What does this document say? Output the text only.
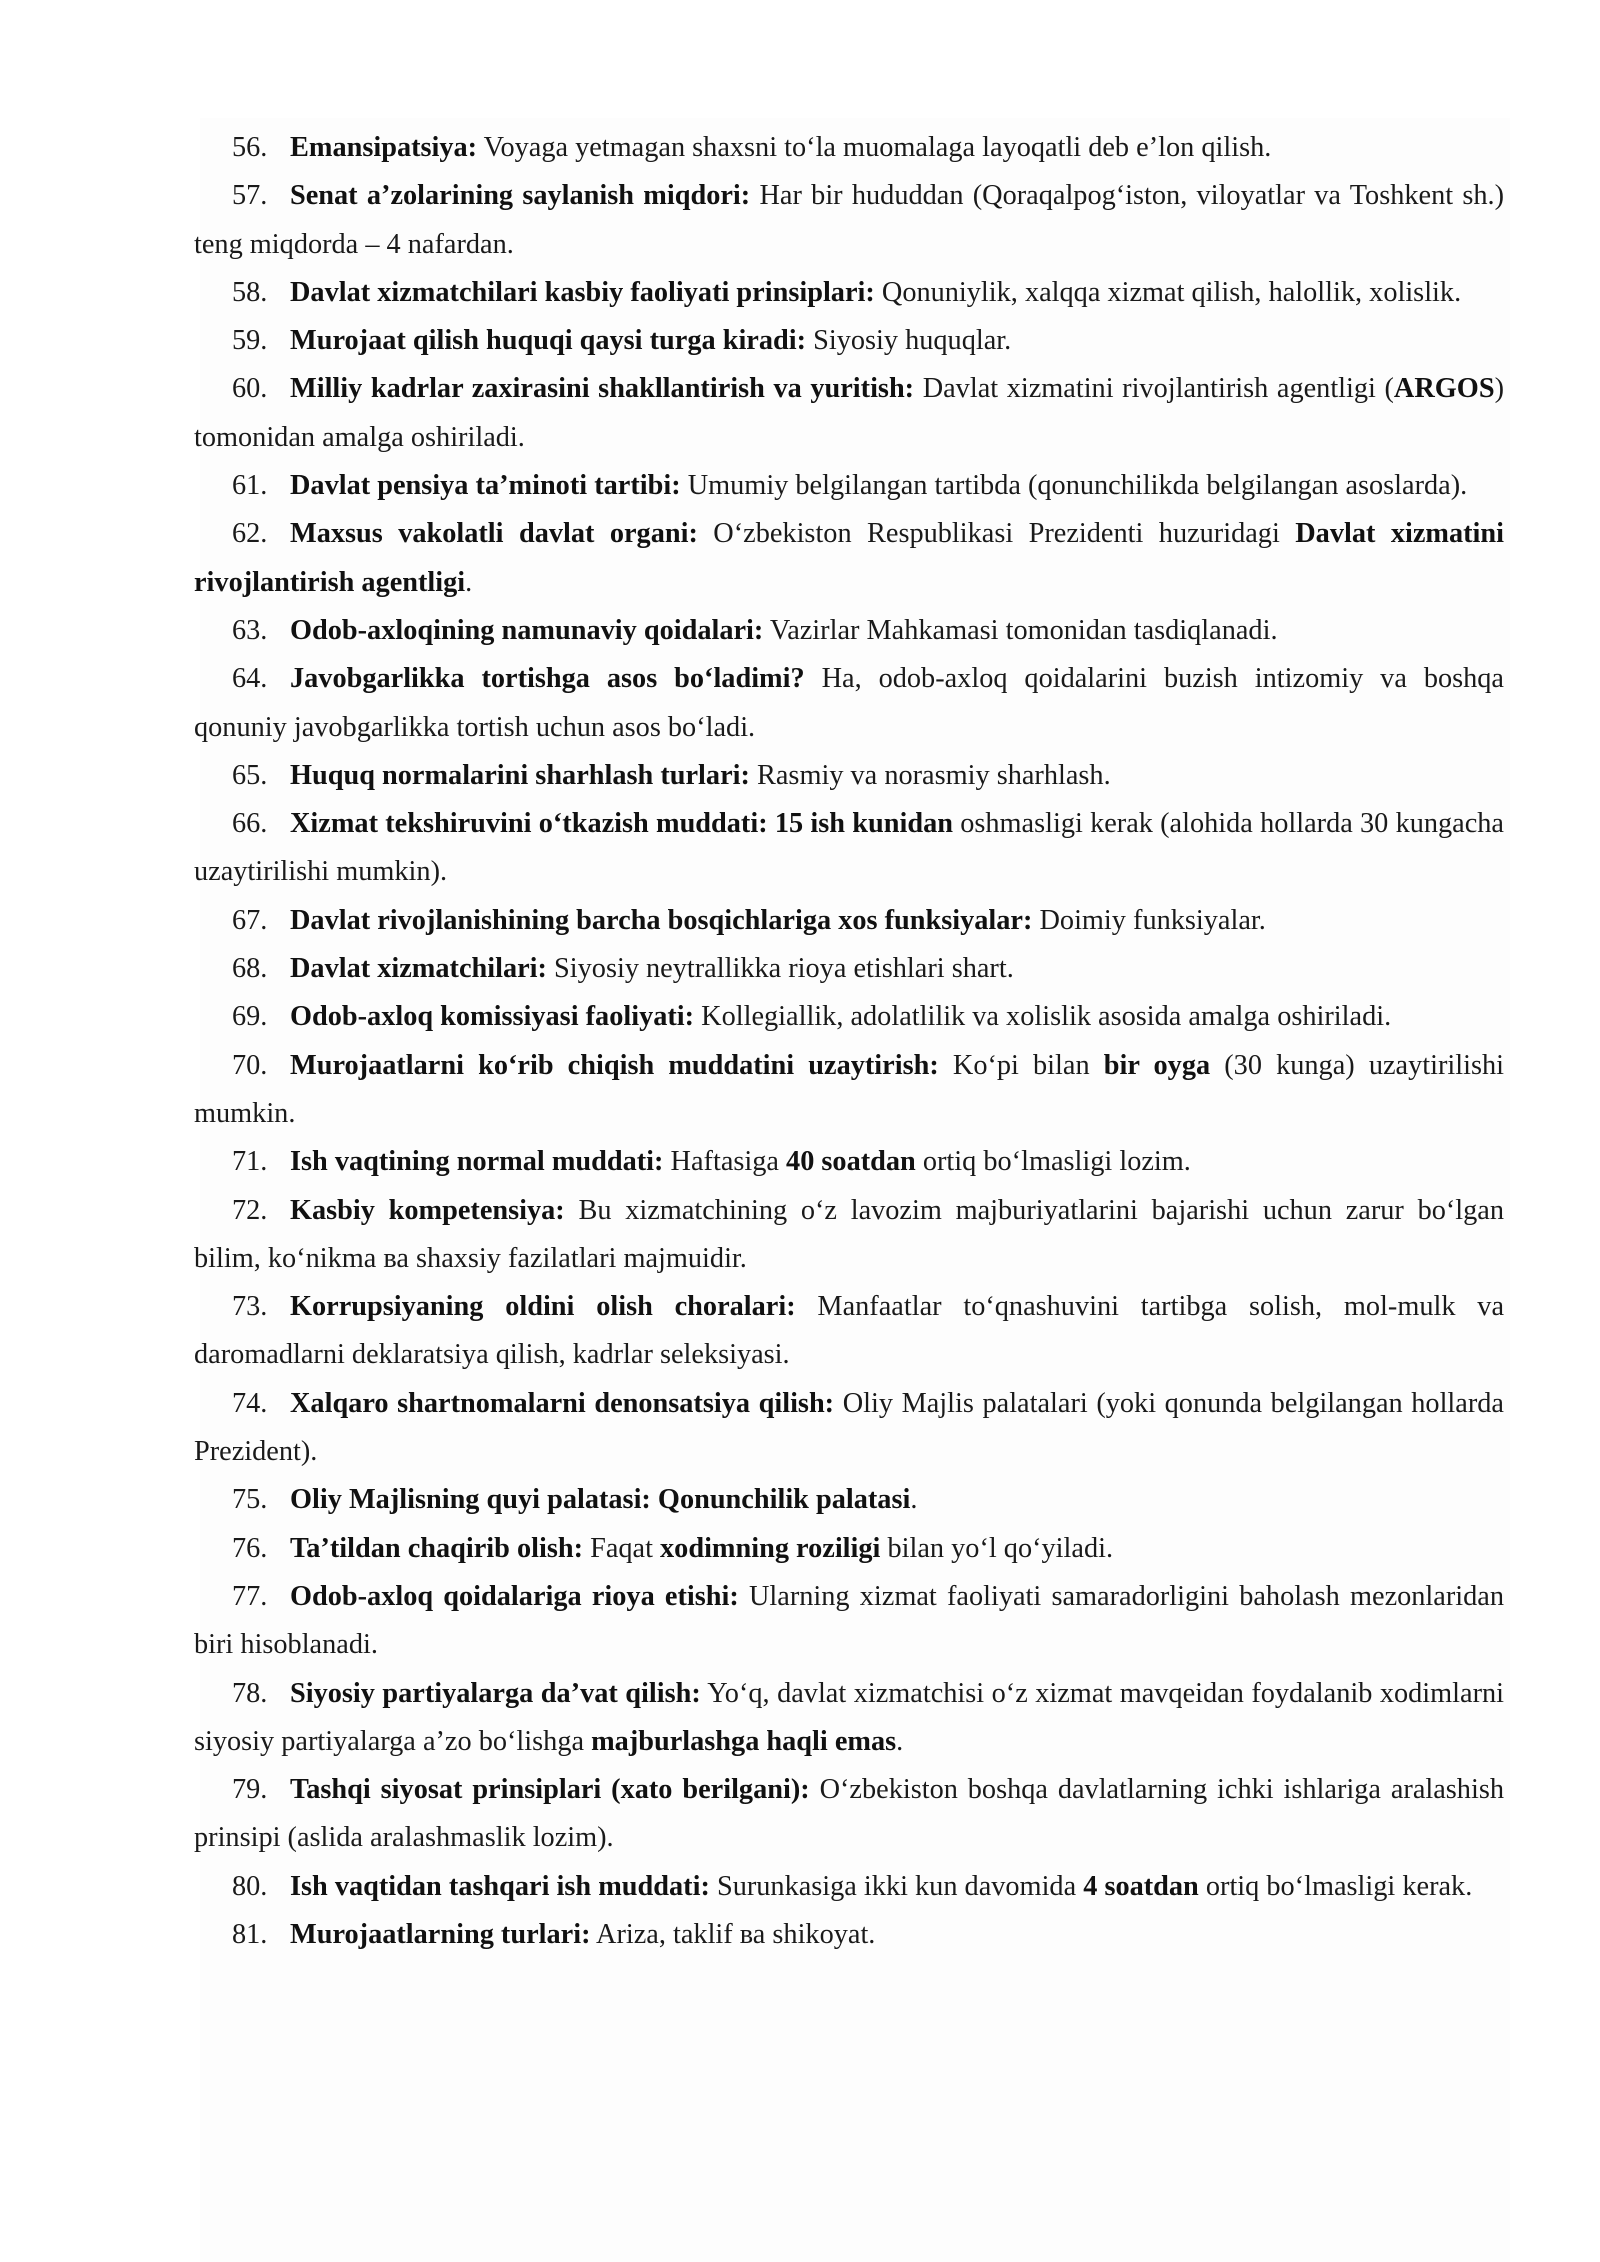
56. Emansipatsiya: Voyaga yetmagan shaxsni to‘la muomalaga layoqatli deb e’lon qilish.

57. Senat a’zolarining saylanish miqdori: Har bir hududdan (Qoraqalpog‘iston, viloyatlar va Toshkent sh.) teng miqdorda – 4 nafardan.

58. Davlat xizmatchilari kasbiy faoliyati prinsiplari: Qonuniylik, xalqqa xizmat qilish, halollik, xolislik.

59. Murojaat qilish huquqi qaysi turga kiradi: Siyosiy huquqlar.

60. Milliy kadrlar zaxirasini shakllantirish va yuritish: Davlat xizmatini rivojlantirish agentligi (ARGOS) tomonidan amalga oshiriladi.

61. Davlat pensiya ta’minoti tartibi: Umumiy belgilangan tartibda (qonunchilikda belgilangan asoslarda).

62. Maxsus vakolatli davlat organi: O‘zbekiston Respublikasi Prezidenti huzuridagi Davlat xizmatini rivojlantirish agentligi.

63. Odob-axloqining namunaviy qoidalari: Vazirlar Mahkamasi tomonidan tasdiqlanadi.

64. Javobgarlikka tortishga asos bo‘ladimi? Ha, odob-axloq qoidalarini buzish intizomiy va boshqa qonuniy javobgarlikka tortish uchun asos bo‘ladi.

65. Huquq normalarini sharhlash turlari: Rasmiy va norasmiy sharhlash.

66. Xizmat tekshiruvini o‘tkazish muddati: 15 ish kunidan oshmasligi kerak (alohida hollarda 30 kungacha uzaytirilishi mumkin).

67. Davlat rivojlanishining barcha bosqichlariga xos funksiyalar: Doimiy funksiyalar.

68. Davlat xizmatchilari: Siyosiy neytrallikka rioya etishlari shart.

69. Odob-axloq komissiyasi faoliyati: Kollegiallik, adolatlilik va xolislik asosida amalga oshiriladi.

70. Murojaatlarni ko‘rib chiqish muddatini uzaytirish: Ko‘pi bilan bir oyga (30 kunga) uzaytirilishi mumkin.

71. Ish vaqtining normal muddati: Haftasiga 40 soatdan ortiq bo‘lmasligi lozim.

72. Kasbiy kompetensiya: Bu xizmatchining o‘z lavozim majburiyatlarini bajarishi uchun zarur bo‘lgan bilim, ko‘nikma ва shaxsiy fazilatlari majmuidir.

73. Korrupsiyaning oldini olish choralari: Manfaatlar to‘qnashuvini tartibga solish, mol-mulk va daromadlarni deklaratsiya qilish, kadrlar seleksiyasi.

74. Xalqaro shartnomalarni denonsatsiya qilish: Oliy Majlis palatalari (yoki qonunda belgilangan hollarda Prezident).

75. Oliy Majlisning quyi palatasi: Qonunchilik palatasi.

76. Ta’tildan chaqirib olish: Faqat xodimning roziligi bilan yo‘l qo‘yiladi.

77. Odob-axloq qoidalariga rioya etishi: Ularning xizmat faoliyati samaradorligini baholash mezonlaridan biri hisoblanadi.

78. Siyosiy partiyalarga da’vat qilish: Yo‘q, davlat xizmatchisi o‘z xizmat mavqeidan foydalanib xodimlarni siyosiy partiyalarga a’zo bo‘lishga majburlashga haqli emas.

79. Tashqi siyosat prinsiplari (xato berilgani): O‘zbekiston boshqa davlatlarning ichki ishlariga aralashish prinsipi (aslida aralashmaslik lozim).

80. Ish vaqtidan tashqari ish muddati: Surunkasiga ikki kun davomida 4 soatdan ortiq bo‘lmasligi kerak.

81. Murojaatlarning turlari: Ariza, taklif ва shikoyat.
